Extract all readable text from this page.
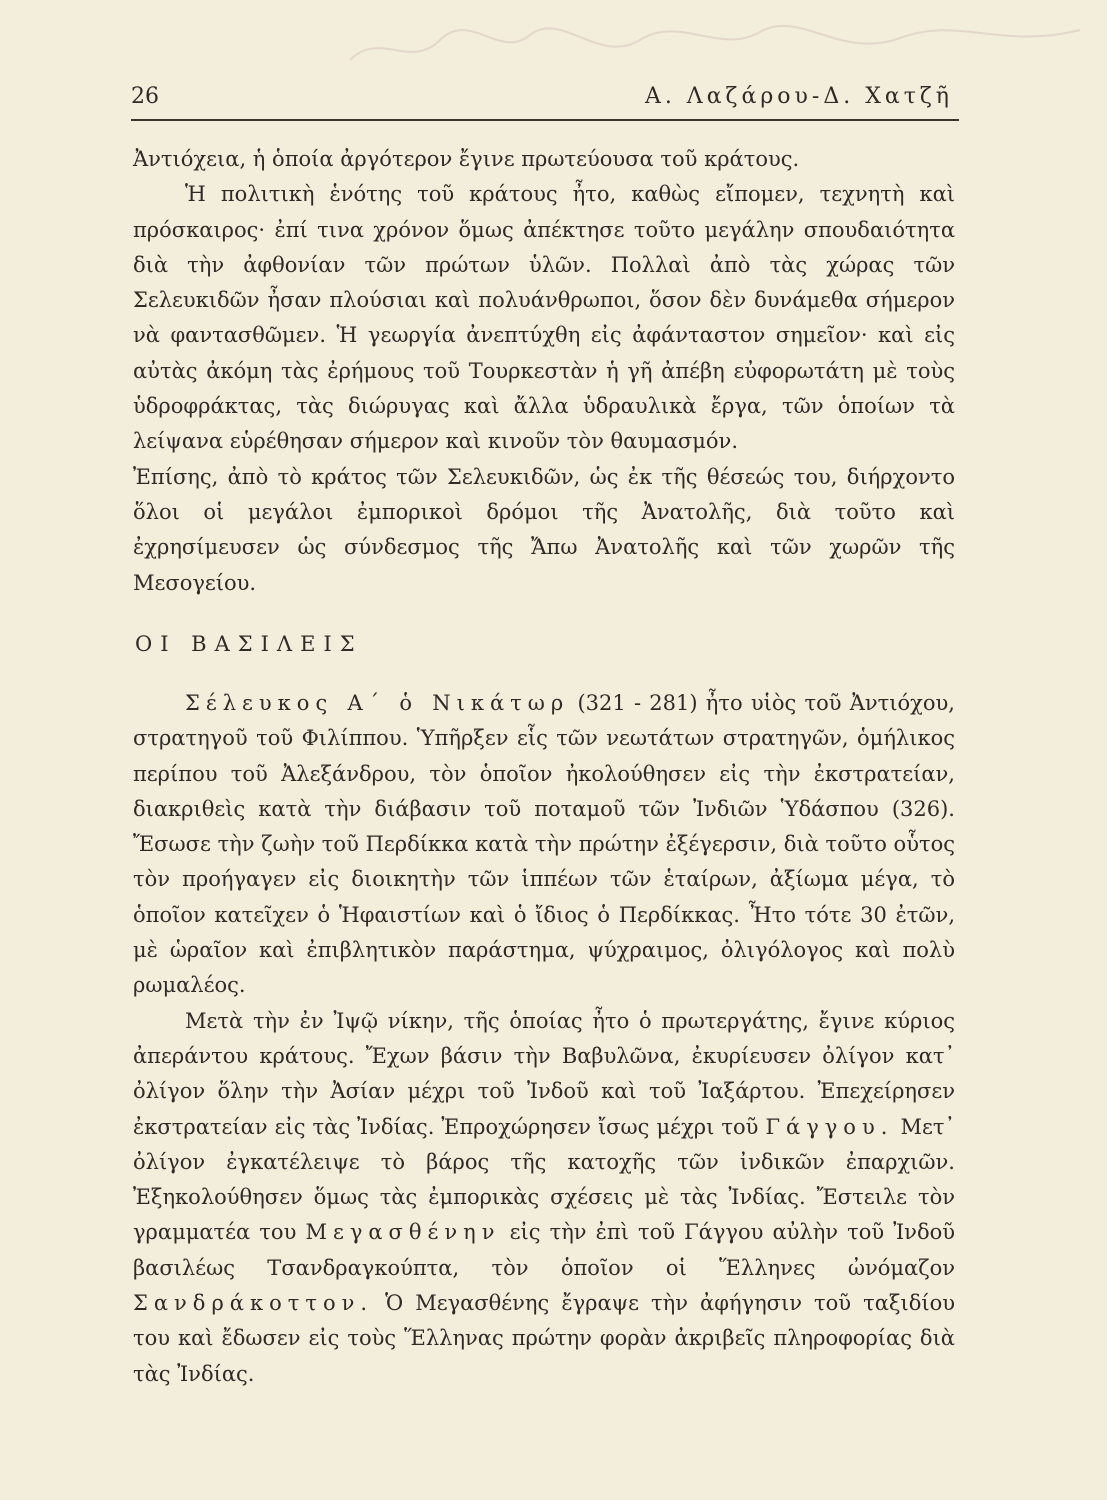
26	Α. Λαζάρου-Δ. Χατζῆ

Ἀντιόχεια, ἡ ὁποία ἀργότερον ἔγινε πρωτεύουσα τοῦ κράτους.

Ἡ πολιτικὴ ἑνότης τοῦ κράτους ἦτο, καθὼς εἴπομεν, τεχνητὴ καὶ πρόσκαιρος· ἐπί τινα χρόνον ὅμως ἀπέκτησε τοῦτο μεγάλην σπουδαιότητα διὰ τὴν ἀφθονίαν τῶν πρώτων ὑλῶν. Πολλαὶ ἀπὸ τὰς χώρας τῶν Σελευκιδῶν ἦσαν πλούσιαι καὶ πολυάνθρωποι, ὅσον δὲν δυνάμεθα σήμερον νὰ φαντασθῶμεν. Ἡ γεωργία ἀνεπτύχθη εἰς ἀφάνταστον σημεῖον· καὶ εἰς αὐτὰς ἀκόμη τὰς ἐρήμους τοῦ Τουρκεστὰν ἡ γῆ ἀπέβη εὐφορωτάτη μὲ τοὺς ὑδροφράκτας, τὰς διώρυγας καὶ ἄλλα ὑδραυλικὰ ἔργα, τῶν ὁποίων τὰ λείψανα εὑρέθησαν σήμερον καὶ κινοῦν τὸν θαυμασμόν.

Ἐπίσης, ἀπὸ τὸ κράτος τῶν Σελευκιδῶν, ὡς ἐκ τῆς θέσεώς του, διήρχοντο ὅλοι οἱ μεγάλοι ἐμπορικοὶ δρόμοι τῆς Ἀνατολῆς, διὰ τοῦτο καὶ ἐχρησίμευσεν ὡς σύνδεσμος τῆς Ἄπω Ἀνατολῆς καὶ τῶν χωρῶν τῆς Μεσογείου.

ΟΙ ΒΑΣΙΛΕΙΣ

Σέλευκος Α΄ ὁ Νικάτωρ (321 - 281) ἦτο υἱὸς τοῦ Ἀντιόχου, στρατηγοῦ τοῦ Φιλίππου. Ὑπῆρξεν εἷς τῶν νεωτάτων στρατηγῶν, ὁμήλικος περίπου τοῦ Ἀλεξάνδρου, τὸν ὁποῖον ἠκολούθησεν εἰς τὴν ἐκστρατείαν, διακριθεὶς κατὰ τὴν διάβασιν τοῦ ποταμοῦ τῶν Ἰνδιῶν Ὑδάσπου (326). Ἔσωσε τὴν ζωὴν τοῦ Περδίκκα κατὰ τὴν πρώτην ἐξέγερσιν, διὰ τοῦτο οὗτος τὸν προήγαγεν εἰς διοικητὴν τῶν ἱππέων τῶν ἑταίρων, ἀξίωμα μέγα, τὸ ὁποῖον κατεῖχεν ὁ Ἡφαιστίων καὶ ὁ ἴδιος ὁ Περδίκκας. Ἦτο τότε 30 ἐτῶν, μὲ ὡραῖον καὶ ἐπιβλητικὸν παράστημα, ψύχραιμος, ὀλιγόλογος καὶ πολὺ ρωμαλέος.

Μετὰ τὴν ἐν Ἰψῷ νίκην, τῆς ὁποίας ἦτο ὁ πρωτεργάτης, ἔγινε κύριος ἀπεράντου κράτους. Ἔχων βάσιν τὴν Βαβυλῶνα, ἐκυρίευσεν ὀλίγον κατ᾿ ὀλίγον ὅλην τὴν Ἀσίαν μέχρι τοῦ Ἰνδοῦ καὶ τοῦ Ἰαξάρτου. Ἐπεχείρησεν ἐκστρατείαν εἰς τὰς Ἰνδίας. Ἐπροχώρησεν ἴσως μέχρι τοῦ Γάγγου. Μετ᾿ ὀλίγον ἐγκατέλειψε τὸ βάρος τῆς κατοχῆς τῶν ἰνδικῶν ἐπαρχιῶν. Ἐξηκολούθησεν ὅμως τὰς ἐμπορικὰς σχέσεις μὲ τὰς Ἰνδίας. Ἔστειλε τὸν γραμματέα του Μεγασθένην εἰς τὴν ἐπὶ τοῦ Γάγγου αὐλὴν τοῦ Ἰνδοῦ βασιλέως Τσανδραγκούπτα, τὸν ὁποῖον οἱ Ἕλληνες ὠνόμαζον Σανδράκοττον. Ὁ Μεγασθένης ἔγραψε τὴν ἀφήγησιν τοῦ ταξιδίου του καὶ ἔδωσεν εἰς τοὺς Ἕλληνας πρώτην φορὰν ἀκριβεῖς πληροφορίας διὰ τὰς Ἰνδίας.
